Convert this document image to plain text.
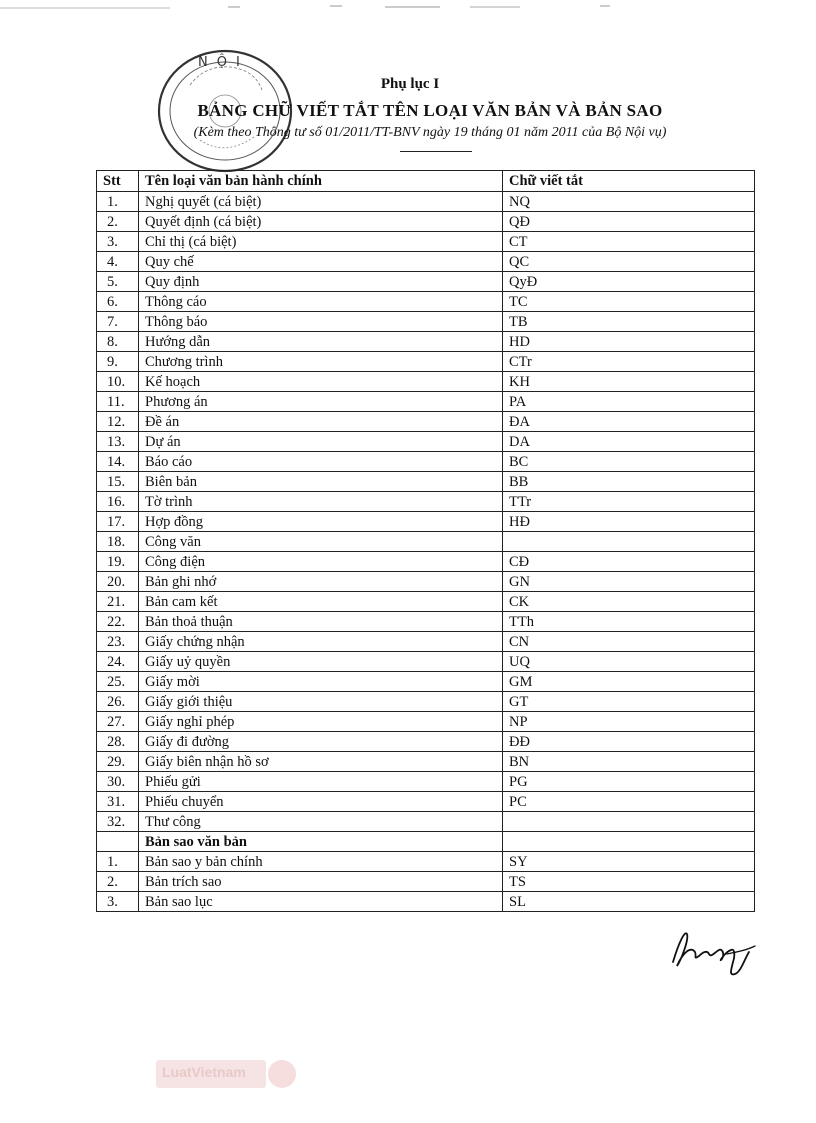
NỘI

Phụ lục I

BẢNG CHỮ VIẾT TẮT TÊN LOẠI VĂN BẢN VÀ BẢN SAO

(Kèm theo Thông tư số 01/2011/TT-BNV ngày 19 tháng 01 năm 2011 của Bộ Nội vụ)

Stt	Tên loại văn bản hành chính	Chữ viết tắt
1.	Nghị quyết (cá biệt)	NQ
2.	Quyết định (cá biệt)	QĐ
3.	Chỉ thị (cá biệt)	CT
4.	Quy chế	QC
5.	Quy định	QyĐ
6.	Thông cáo	TC
7.	Thông báo	TB
8.	Hướng dẫn	HD
9.	Chương trình	CTr
10.	Kế hoạch	KH
11.	Phương án	PA
12.	Đề án	ĐA
13.	Dự án	DA
14.	Báo cáo	BC
15.	Biên bản	BB
16.	Tờ trình	TTr
17.	Hợp đồng	HĐ
18.	Công văn	
19.	Công điện	CĐ
20.	Bản ghi nhớ	GN
21.	Bản cam kết	CK
22.	Bản thoả thuận	TTh
23.	Giấy chứng nhận	CN
24.	Giấy uỷ quyền	UQ
25.	Giấy mời	GM
26.	Giấy giới thiệu	GT
27.	Giấy nghỉ phép	NP
28.	Giấy đi đường	ĐĐ
29.	Giấy biên nhận hồ sơ	BN
30.	Phiếu gửi	PG
31.	Phiếu chuyển	PC
32.	Thư công	
	Bản sao văn bản	
1.	Bản sao y bản chính	SY
2.	Bản trích sao	TS
3.	Bản sao lục	SL
LuatVietnam
